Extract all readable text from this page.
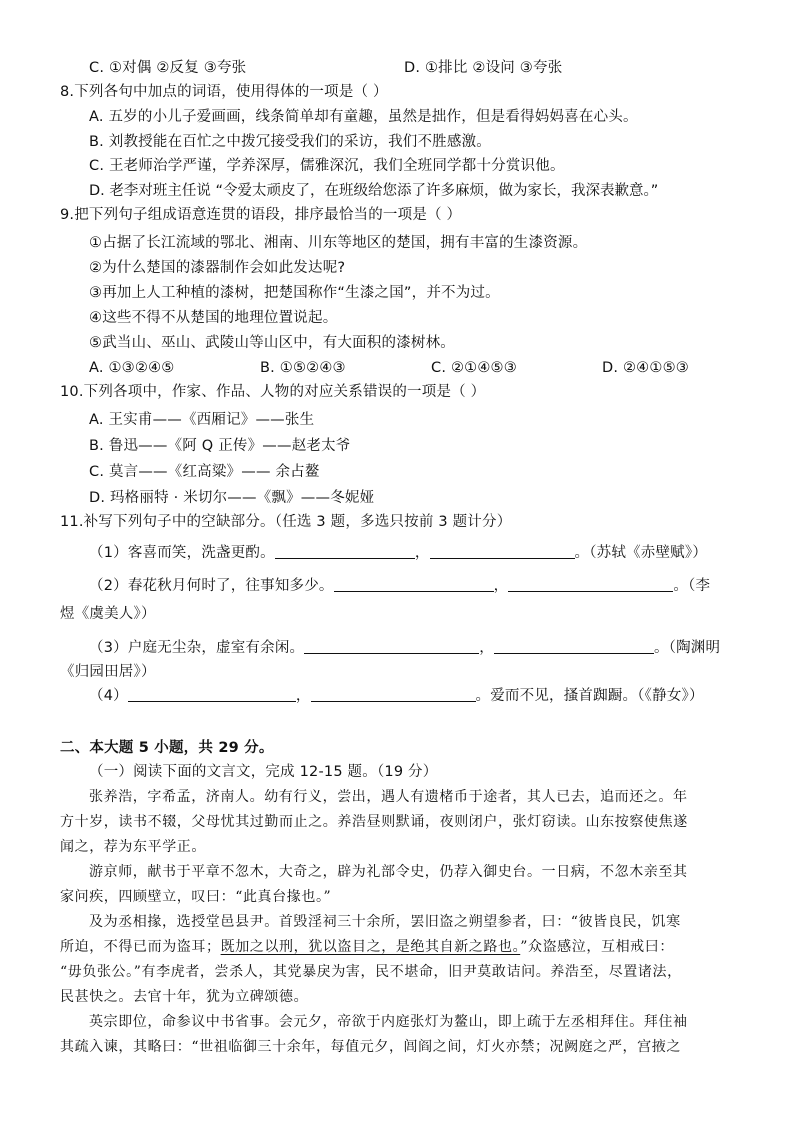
C. ①对偶 ②反复 ③夸张	D. ①排比 ②设问 ③夸张
8.下列各句中加点的词语，使用得体的一项是（ ）
A. 五岁的小儿子爱画画，线条简单却有童趣，虽然是拙作，但是看得妈妈喜在心头。
B. 刘教授能在百忙之中拨冗接受我们的采访，我们不胜感激。
C. 王老师治学严谨，学养深厚，儒雅深沉，我们全班同学都十分赏识他。
D. 老李对班主任说 “令爱太顽皮了，在班级给您添了许多麻烦，做为家长，我深表歉意。”
9.把下列句子组成语意连贯的语段，排序最恰当的一项是（ ）
①占据了长江流域的鄂北、湘南、川东等地区的楚国，拥有丰富的生漆资源。
②为什么楚国的漆器制作会如此发达呢?
③再加上人工种植的漆树，把楚国称作“生漆之国”，并不为过。
④这些不得不从楚国的地理位置说起。
⑤武当山、巫山、武陵山等山区中，有大面积的漆树林。
A. ①③②④⑤	B. ①⑤②④③	C. ②①④⑤③	D. ②④①⑤③
10.下列各项中，作家、作品、人物的对应关系错误的一项是（ ）
A. 王实甫——《西厢记》——张生
B. 鲁迅——《阿 Q 正传》——赵老太爷
C. 莫言——《红高粱》—— 余占鳌
D. 玛格丽特 · 米切尔——《飘》——冬妮娅
11.补写下列句子中的空缺部分。（任选 3 题，多选只按前 3 题计分）
（1）客喜而笑，洗盏更酌。	，	。（苏轼《赤壁赋》）
（2）春花秋月何时了，往事知多少。	，	。（李
煜《虞美人》）
（3）户庭无尘杂，虚室有余闲。	，	。（陶渊明
《归园田居》）
（4）	，	。爱而不见，搔首踟蹰。（《静女》）
二、本大题 5 小题，共 29 分。
（一）阅读下面的文言文，完成 12-15 题。（19 分）
张养浩，字希孟，济南人。幼有行义，尝出，遇人有遗楮币于途者，其人已去，追而还之。年
方十岁，读书不辍，父母忧其过勤而止之。养浩昼则默诵，夜则闭户，张灯窃读。山东按察使焦遂
闻之，荐为东平学正。
游京师，献书于平章不忽木，大奇之，辟为礼部令史，仍荐入御史台。一日病，不忽木亲至其
家问疾，四顾壁立，叹曰：“此真台掾也。”
及为丞相掾，选授堂邑县尹。首毁淫祠三十余所，罢旧盗之朔望参者，曰：“彼皆良民，饥寒
所迫，不得已而为盗耳；既加之以刑，犹以盗目之，是绝其自新之路也。”众盗感泣，互相戒曰：
“毋负张公。”有李虎者，尝杀人，其党暴戾为害，民不堪命，旧尹莫敢诘问。养浩至，尽置诸法，
民甚快之。去官十年，犹为立碑颂德。
英宗即位，命参议中书省事。会元夕，帝欲于内庭张灯为鳌山，即上疏于左丞相拜住。拜住袖
其疏入谏，其略曰：“世祖临御三十余年，每值元夕，闾阎之间，灯火亦禁；况阙庭之严，宫掖之
